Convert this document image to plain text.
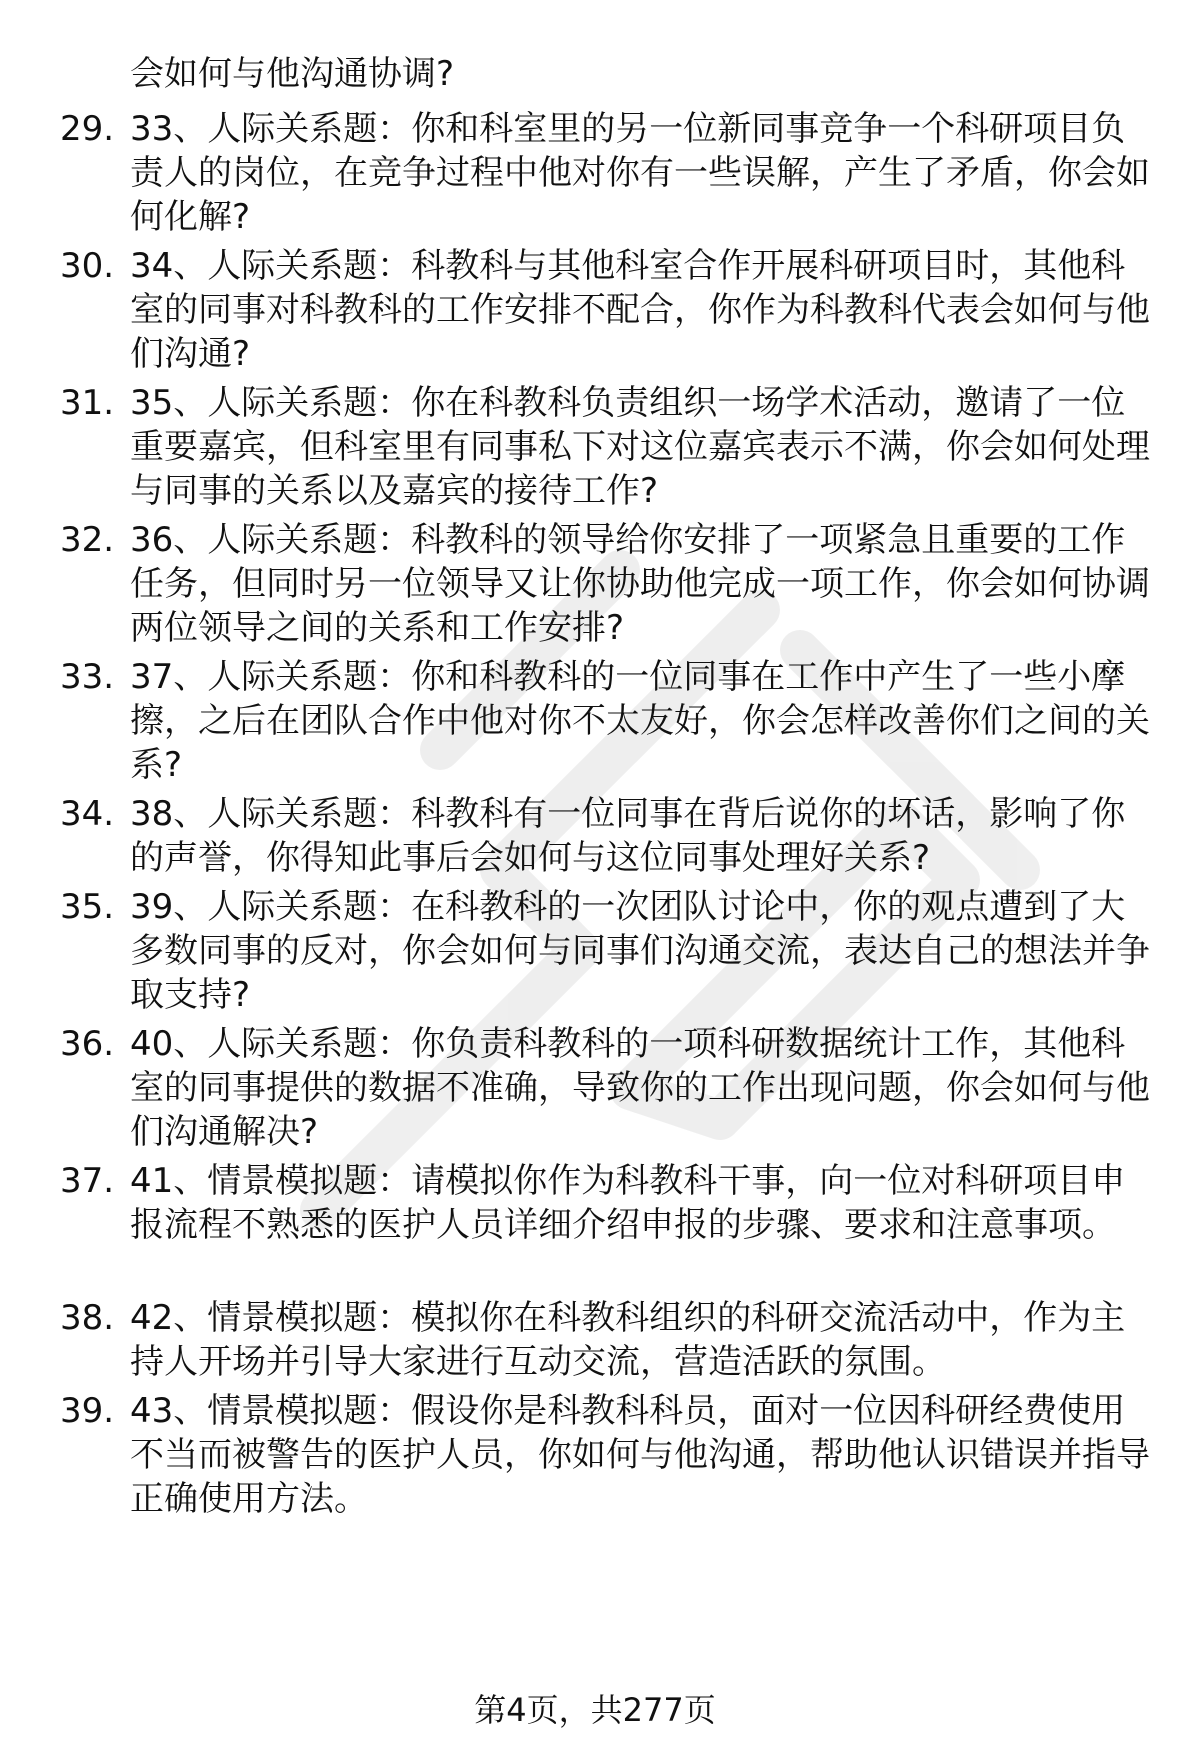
会如何与他沟通协调?
29. 33、人际关系题：你和科室里的另一位新同事竞争一个科研项目负责人的岗位，在竞争过程中他对你有一些误解，产生了矛盾，你会如何化解?
30. 34、人际关系题：科教科与其他科室合作开展科研项目时，其他科室的同事对科教科的工作安排不配合，你作为科教科代表会如何与他们沟通?
31. 35、人际关系题：你在科教科负责组织一场学术活动，邀请了一位重要嘉宾，但科室里有同事私下对这位嘉宾表示不满，你会如何处理与同事的关系以及嘉宾的接待工作?
32. 36、人际关系题：科教科的领导给你安排了一项紧急且重要的工作任务，但同时另一位领导又让你协助他完成一项工作，你会如何协调两位领导之间的关系和工作安排?
33. 37、人际关系题：你和科教科的一位同事在工作中产生了一些小摩擦，之后在团队合作中他对你不太友好，你会怎样改善你们之间的关系?
34. 38、人际关系题：科教科有一位同事在背后说你的坏话，影响了你的声誉，你得知此事后会如何与这位同事处理好关系?
35. 39、人际关系题：在科教科的一次团队讨论中，你的观点遭到了大多数同事的反对，你会如何与同事们沟通交流，表达自己的想法并争取支持?
36. 40、人际关系题：你负责科教科的一项科研数据统计工作，其他科室的同事提供的数据不准确，导致你的工作出现问题，你会如何与他们沟通解决?
37. 41、情景模拟题：请模拟你作为科教科干事，向一位对科研项目申报流程不熟悉的医护人员详细介绍申报的步骤、要求和注意事项。
38. 42、情景模拟题：模拟你在科教科组织的科研交流活动中，作为主持人开场并引导大家进行互动交流，营造活跃的氛围。
39. 43、情景模拟题：假设你是科教科科员，面对一位因科研经费使用不当而被警告的医护人员，你如何与他沟通，帮助他认识错误并指导正确使用方法。
第4页，共277页
